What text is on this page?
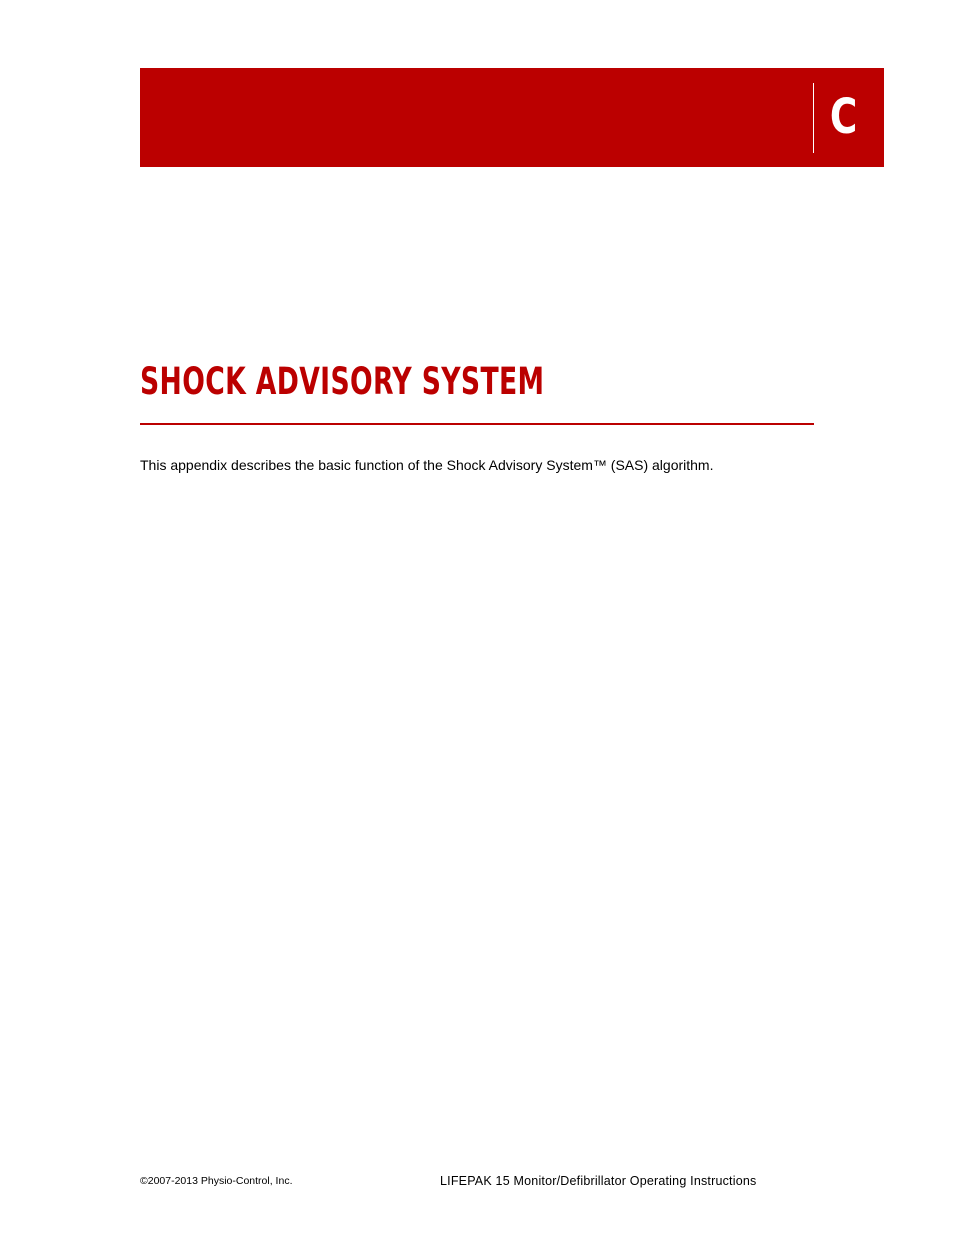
C
SHOCK ADVISORY SYSTEM

This appendix describes the basic function of the Shock Advisory System™ (SAS) algorithm.

©2007-2013 Physio-Control, Inc.	LIFEPAK 15 Monitor/Defibrillator Operating Instructions
